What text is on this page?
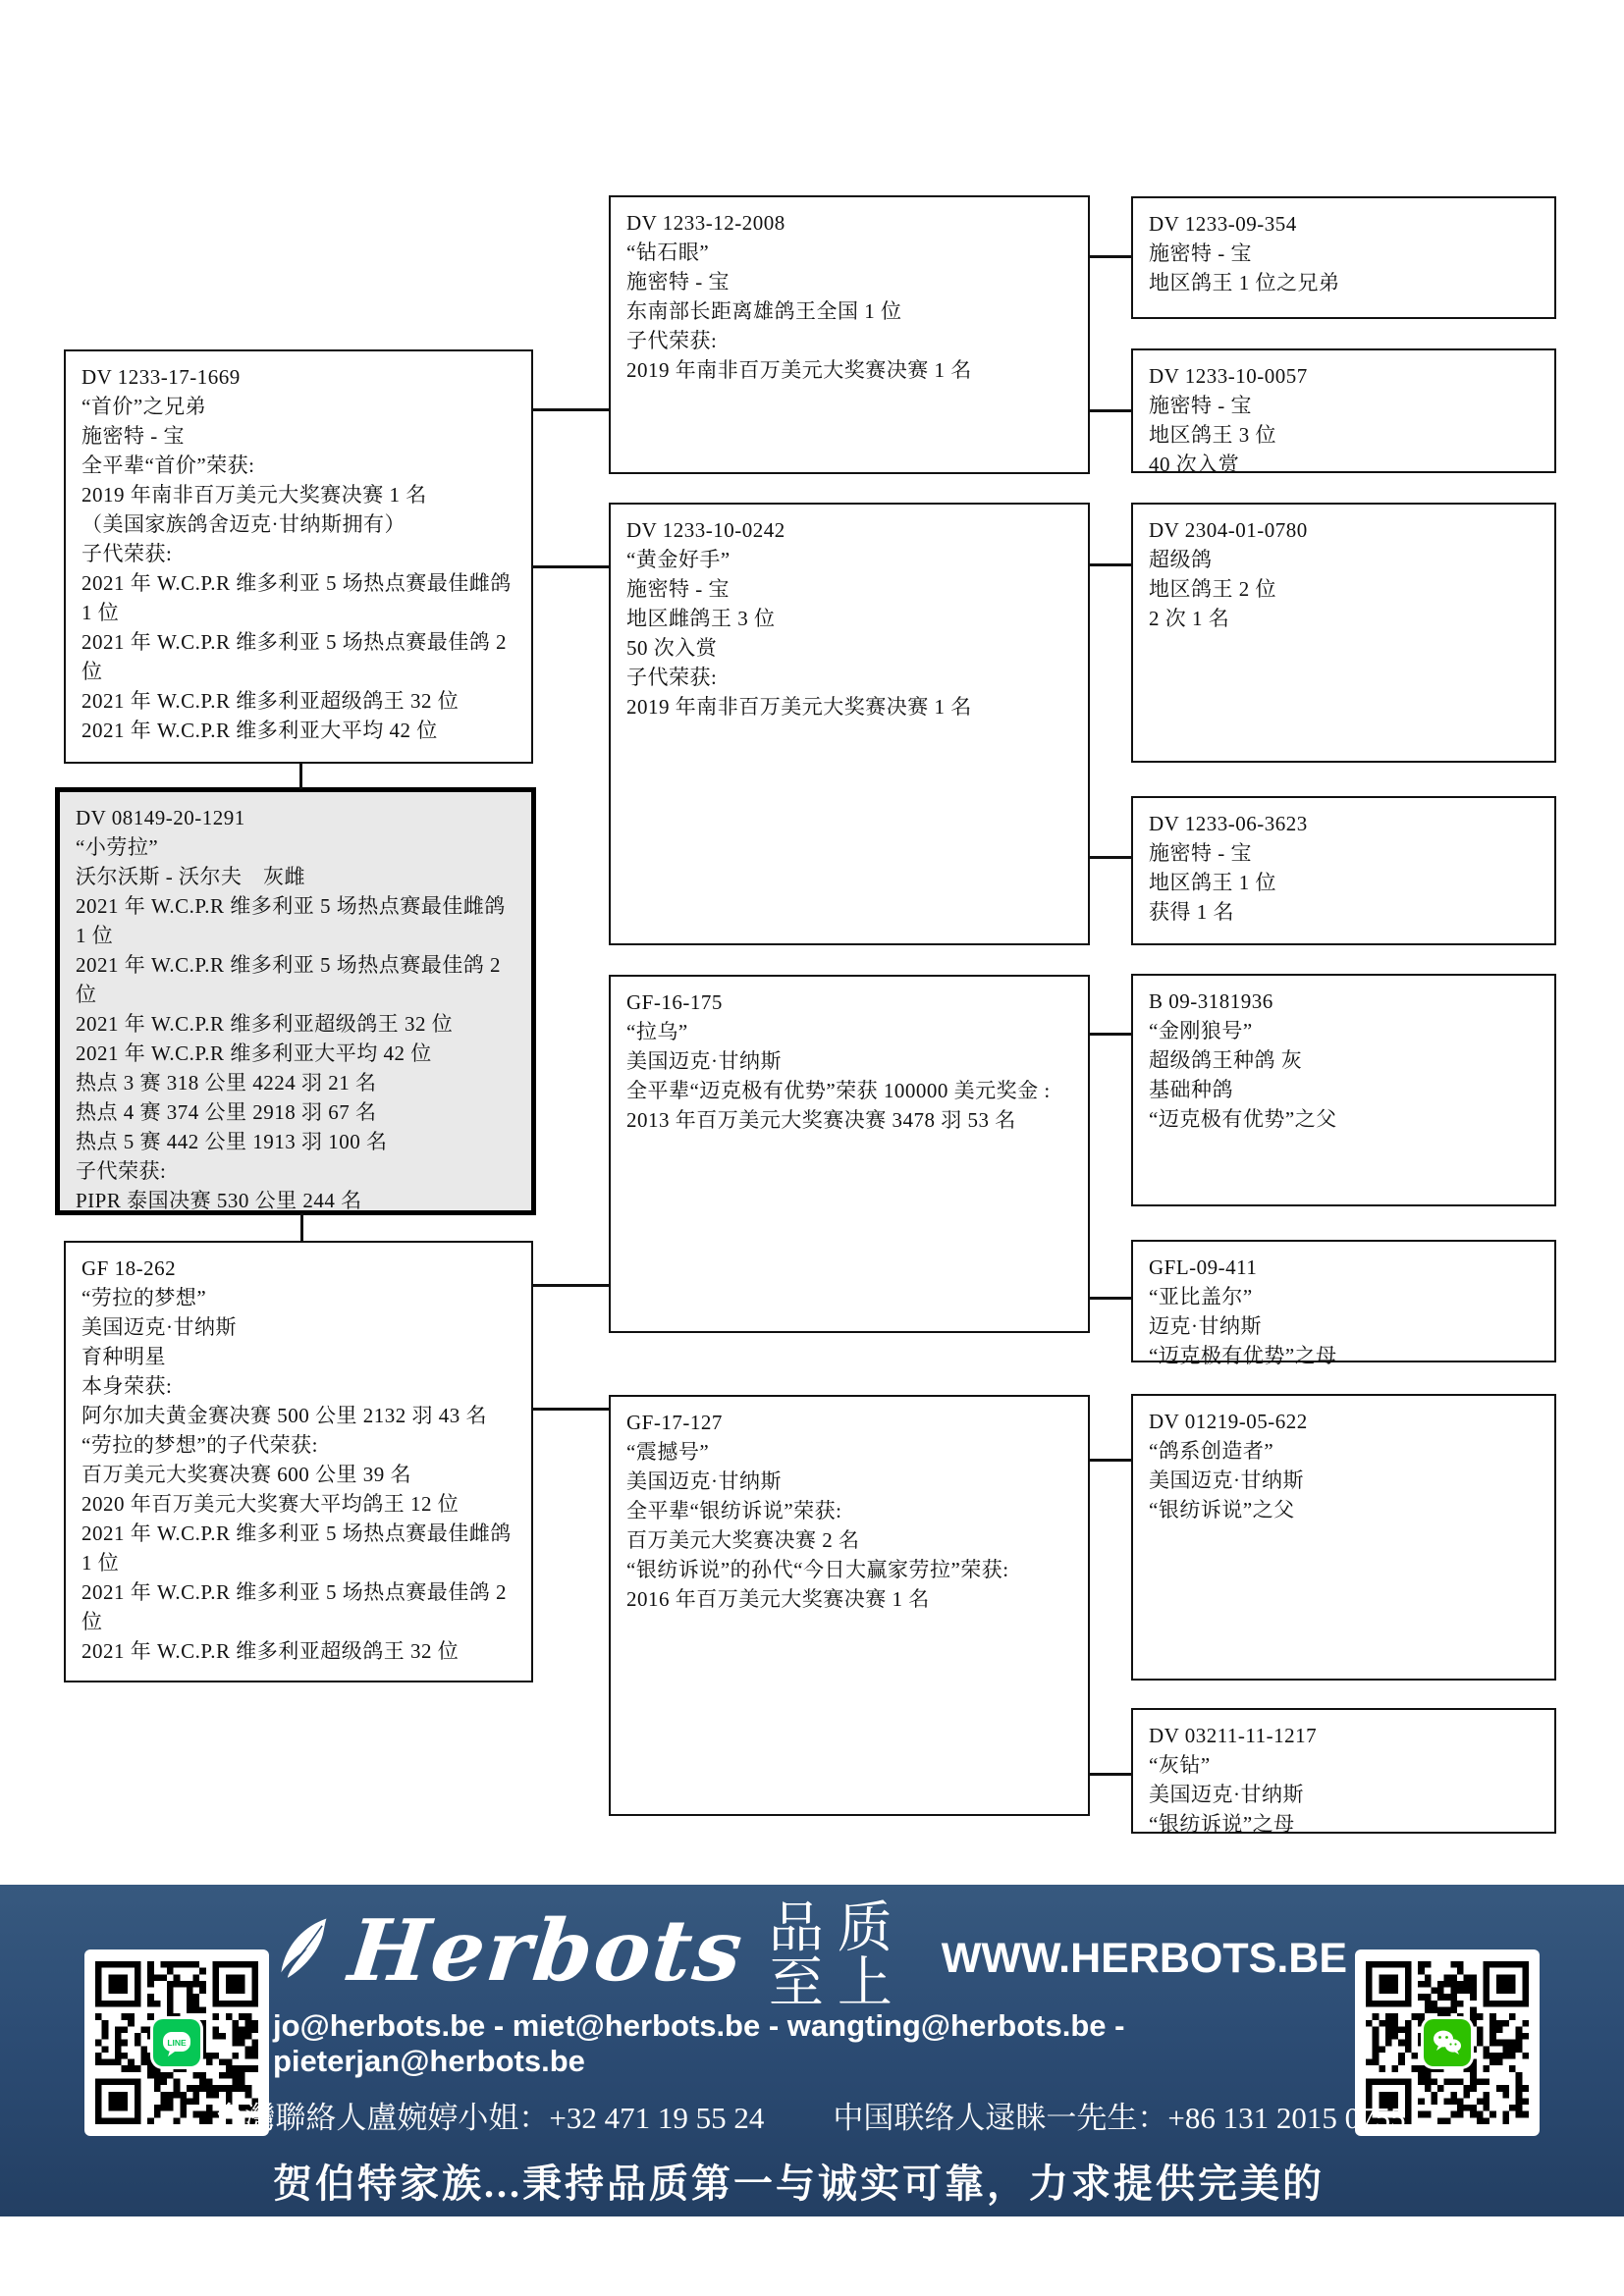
DV 1233-17-1669
“首价”之兄弟
施密特 - 宝
全平辈“首价”荣获:
2019 年南非百万美元大奖赛决赛 1 名
（美国家族鸽舍迈克·甘纳斯拥有）
子代荣获:
2021 年 W.C.P.R 维多利亚 5 场热点赛最佳雌鸽 1 位
2021 年 W.C.P.R 维多利亚 5 场热点赛最佳鸽 2 位
2021 年 W.C.P.R 维多利亚超级鸽王 32 位
2021 年 W.C.P.R 维多利亚大平均 42 位
DV 08149-20-1291
“小劳拉”
沃尔沃斯 - 沃尔夫　灰雌
2021 年 W.C.P.R 维多利亚 5 场热点赛最佳雌鸽 1 位
2021 年 W.C.P.R 维多利亚 5 场热点赛最佳鸽 2 位
2021 年 W.C.P.R 维多利亚超级鸽王 32 位
2021 年 W.C.P.R 维多利亚大平均 42 位
热点 3 赛 318 公里 4224 羽 21 名
热点 4 赛 374 公里 2918 羽 67 名
热点 5 赛 442 公里 1913 羽 100 名
子代荣获:
PIPR 泰国决赛 530 公里 244 名
GF 18-262
“劳拉的梦想”
美国迈克·甘纳斯
育种明星
本身荣获:
阿尔加夫黄金赛决赛 500 公里 2132 羽 43 名
“劳拉的梦想”的子代荣获:
百万美元大奖赛决赛 600 公里 39 名
2020 年百万美元大奖赛大平均鸽王 12 位
2021 年 W.C.P.R 维多利亚 5 场热点赛最佳雌鸽 1 位
2021 年 W.C.P.R 维多利亚 5 场热点赛最佳鸽 2 位
2021 年 W.C.P.R 维多利亚超级鸽王 32 位
DV 1233-12-2008
“钻石眼”
施密特 - 宝
东南部长距离雄鸽王全国 1 位
子代荣获:
2019 年南非百万美元大奖赛决赛 1 名
DV 1233-10-0242
“黄金好手”
施密特 - 宝
地区雌鸽王 3 位
50 次入赏
子代荣获:
2019 年南非百万美元大奖赛决赛 1 名
GF-16-175
“拉乌”
美国迈克·甘纳斯
全平辈“迈克极有优势”荣获 100000 美元奖金 :
2013 年百万美元大奖赛决赛 3478 羽 53 名
GF-17-127
“震撼号”
美国迈克·甘纳斯
全平辈“银纺诉说”荣获:
百万美元大奖赛决赛 2 名
“银纺诉说”的孙代“今日大赢家劳拉”荣获:
2016 年百万美元大奖赛决赛 1 名
DV 1233-09-354
施密特 - 宝
地区鸽王 1 位之兄弟
DV 1233-10-0057
施密特 - 宝
地区鸽王 3 位
40 次入赏
DV 2304-01-0780
超级鸽
地区鸽王 2 位
2 次 1 名
DV 1233-06-3623
施密特 - 宝
地区鸽王 1 位
获得 1 名
B 09-3181936
“金刚狼号”
超级鸽王种鸽 灰
基础种鸽
“迈克极有优势”之父
GFL-09-411
“亚比盖尔”
迈克·甘纳斯
“迈克极有优势”之母
DV 01219-05-622
“鸽系创造者”
美国迈克·甘纳斯
“银纺诉说”之父
DV 03211-11-1217
“灰钻”
美国迈克·甘纳斯
“银纺诉说”之母
LINE
Herbots 品质至上 WWW.HERBOTS.BE
jo@herbots.be - miet@herbots.be - wangting@herbots.be - pieterjan@herbots.be
台灣聯絡人盧婉婷小姐：+32 471 19 55 24 中国联络人逯睐一先生：+86 131 2015 0755
贺伯特家族...秉持品质第一与诚实可靠，力求提供完美的服务！
